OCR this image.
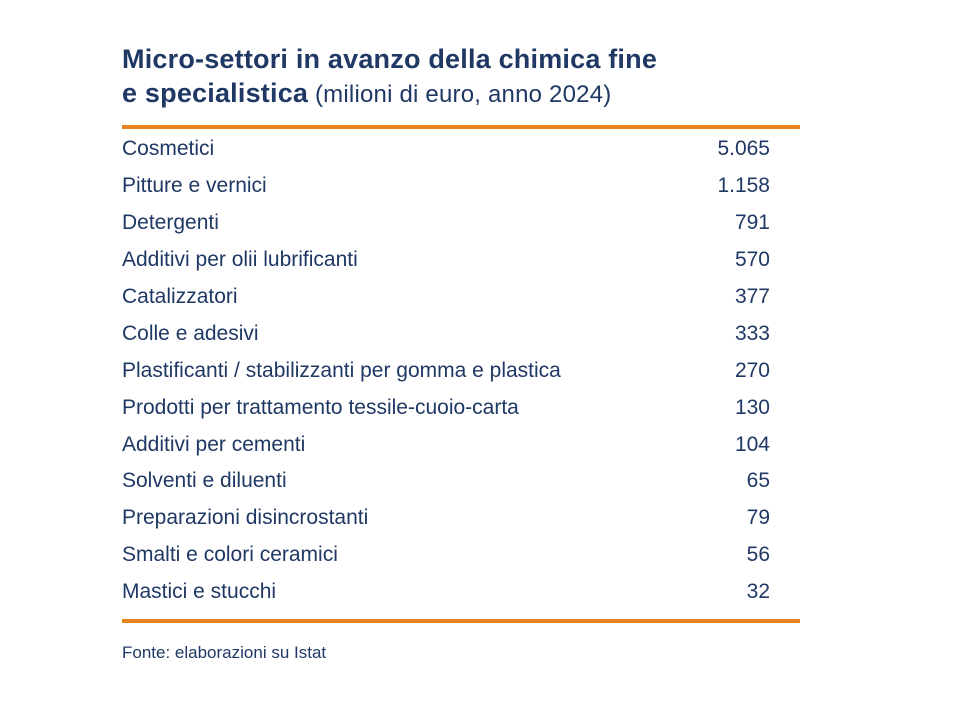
Micro-settori in avanzo della chimica fine
e specialistica (milioni di euro, anno 2024)
Cosmetici	5.065
Pitture e vernici	1.158
Detergenti	791
Additivi per olii lubrificanti	570
Catalizzatori	377
Colle e adesivi	333
Plastificanti / stabilizzanti per gomma e plastica	270
Prodotti per trattamento tessile-cuoio-carta	130
Additivi per cementi	104
Solventi e diluenti	65
Preparazioni disincrostanti	79
Smalti e colori ceramici	56
Mastici e stucchi	32
Fonte: elaborazioni su Istat
